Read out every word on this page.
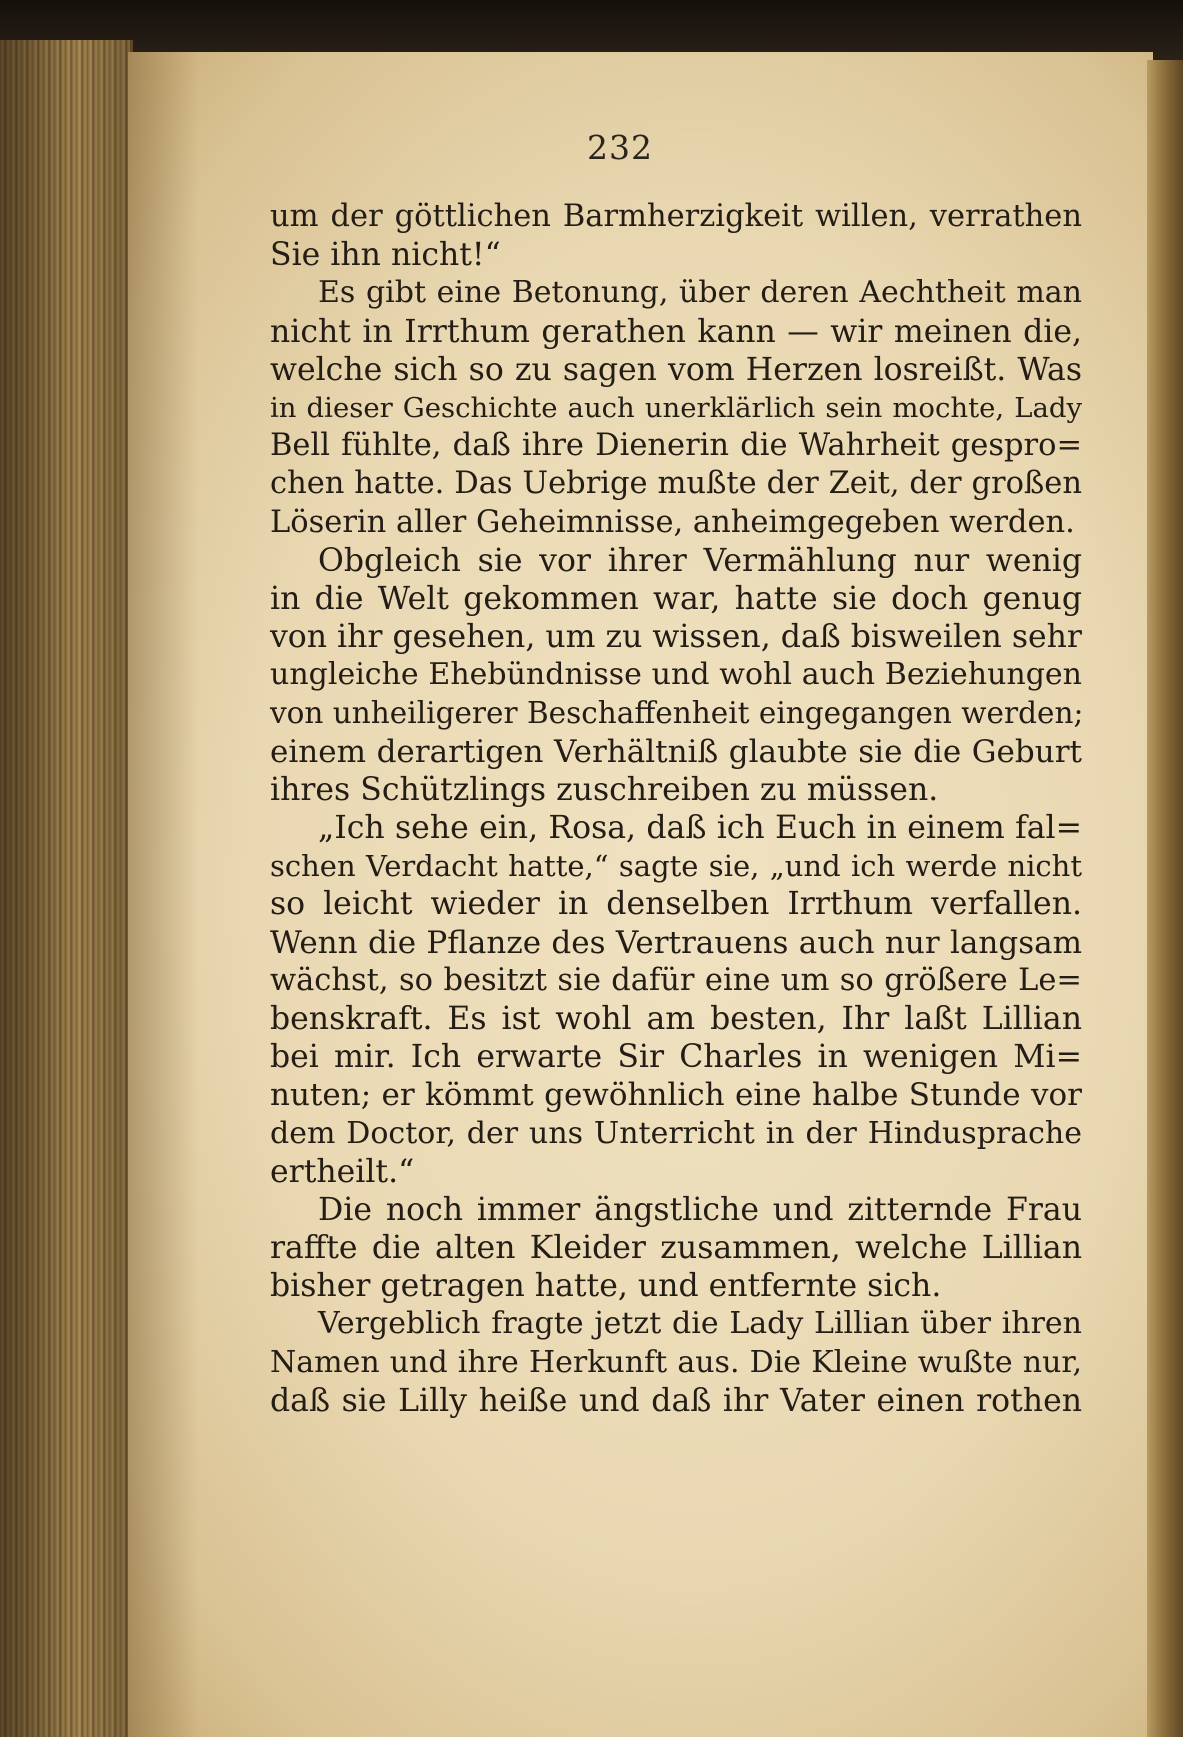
232
um der göttlichen Barmherzigkeit willen, verrathen
Sie ihn nicht!“
Es gibt eine Betonung, über deren Aechtheit man
nicht in Irrthum gerathen kann — wir meinen die,
welche sich so zu sagen vom Herzen losreißt. Was
in dieser Geschichte auch unerklärlich sein mochte, Lady
Bell fühlte, daß ihre Dienerin die Wahrheit gespro=
chen hatte. Das Uebrige mußte der Zeit, der großen
Löserin aller Geheimnisse, anheimgegeben werden.
Obgleich sie vor ihrer Vermählung nur wenig
in die Welt gekommen war, hatte sie doch genug
von ihr gesehen, um zu wissen, daß bisweilen sehr
ungleiche Ehebündnisse und wohl auch Beziehungen
von unheiligerer Beschaffenheit eingegangen werden;
einem derartigen Verhältniß glaubte sie die Geburt
ihres Schützlings zuschreiben zu müssen.
„Ich sehe ein, Rosa, daß ich Euch in einem fal=
schen Verdacht hatte,“ sagte sie, „und ich werde nicht
so leicht wieder in denselben Irrthum verfallen.
Wenn die Pflanze des Vertrauens auch nur langsam
wächst, so besitzt sie dafür eine um so größere Le=
benskraft. Es ist wohl am besten, Ihr laßt Lillian
bei mir. Ich erwarte Sir Charles in wenigen Mi=
nuten; er kömmt gewöhnlich eine halbe Stunde vor
dem Doctor, der uns Unterricht in der Hindusprache
ertheilt.“
Die noch immer ängstliche und zitternde Frau
raffte die alten Kleider zusammen, welche Lillian
bisher getragen hatte, und entfernte sich.
Vergeblich fragte jetzt die Lady Lillian über ihren
Namen und ihre Herkunft aus. Die Kleine wußte nur,
daß sie Lilly heiße und daß ihr Vater einen rothen
